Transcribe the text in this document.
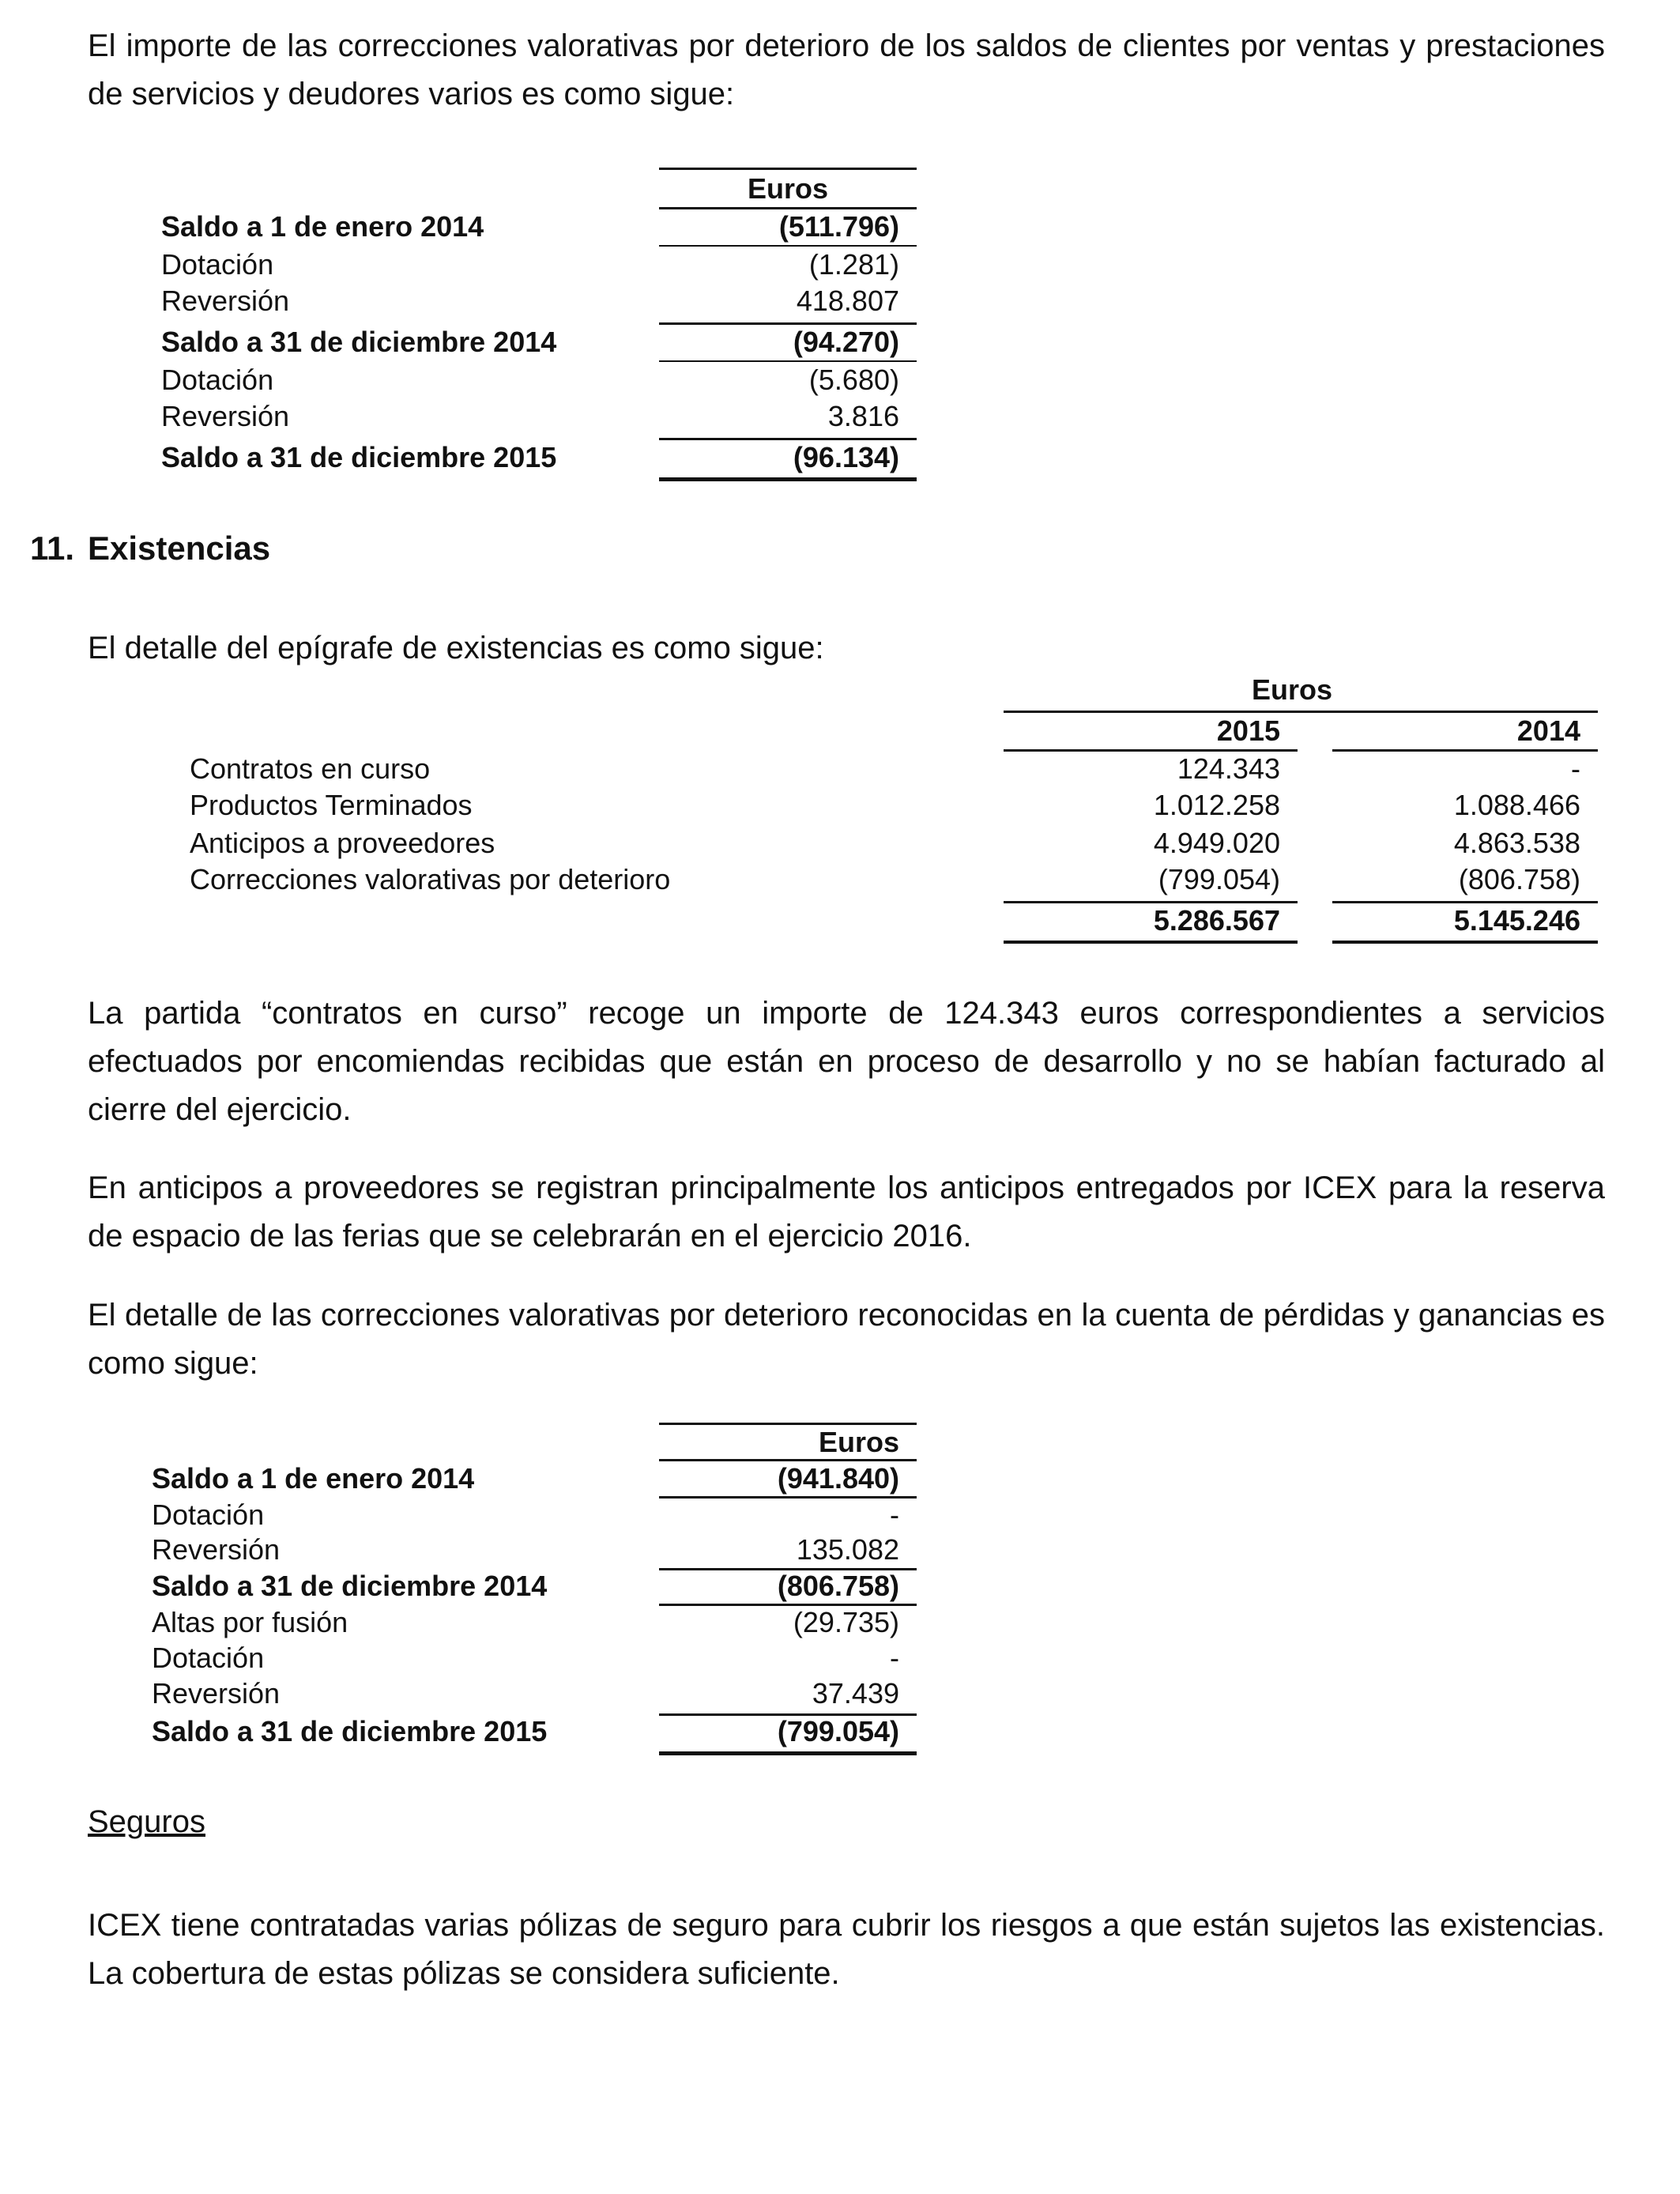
El importe de las correcciones valorativas por deterioro de los saldos de clientes por ventas y prestaciones de servicios y deudores varios es como sigue:

Euros
Saldo a 1 de enero 2014	(511.796)
Dotación	(1.281)
Reversión	418.807
Saldo a 31 de diciembre 2014	(94.270)
Dotación	(5.680)
Reversión	3.816
Saldo a 31 de diciembre 2015	(96.134)
11. Existencias

El detalle del epígrafe de existencias es como sigue:

Euros
2015	2014
Contratos en curso	124.343	-
Productos Terminados	1.012.258	1.088.466
Anticipos a proveedores	4.949.020	4.863.538
Correcciones valorativas por deterioro	(799.054)	(806.758)
5.286.567	5.145.246

La partida “contratos en curso” recoge un importe de 124.343 euros correspondientes a servicios efectuados por encomiendas recibidas que están en proceso de desarrollo y no se habían facturado al cierre del ejercicio.

En anticipos a proveedores se registran principalmente los anticipos entregados por ICEX para la reserva de espacio de las ferias que se celebrarán en el ejercicio 2016.

El detalle de las correcciones valorativas por deterioro reconocidas en la cuenta de pérdidas y ganancias es como sigue:

Euros
Saldo a 1 de enero 2014	(941.840)
Dotación	-
Reversión	135.082
Saldo a 31 de diciembre 2014	(806.758)
Altas por fusión	(29.735)
Dotación	-
Reversión	37.439
Saldo a 31 de diciembre 2015	(799.054)

Seguros

ICEX tiene contratadas varias pólizas de seguro para cubrir los riesgos a que están sujetos las existencias. La cobertura de estas pólizas se considera suficiente.
